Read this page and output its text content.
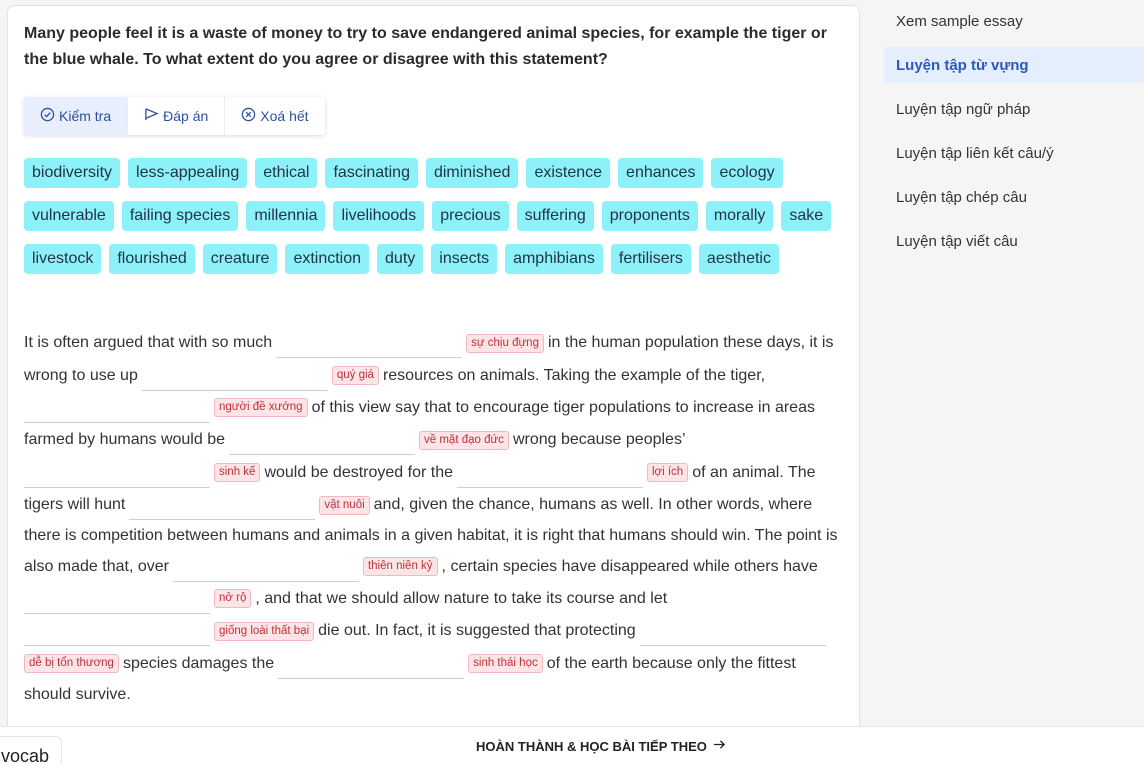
Many people feel it is a waste of money to try to save endangered animal species, for example the tiger or the blue whale. To what extent do you agree or disagree with this statement?
Kiểm tra	Đáp án	Xoá hết
biodiversity	less-appealing	ethical	fascinating	diminished	existence	enhances	ecology
vulnerable	failing species	millennia	livelihoods	precious	suffering	proponents	morally	sake
livestock	flourished	creature	extinction	duty	insects	amphibians	fertilisers	aesthetic
It is often argued that with so much	sự chịu đựng in the human population these days, it is
wrong to use up	quý giá resources on animals. Taking the example of the tiger,
người đề xướng of this view say that to encourage tiger populations to increase in areas
farmed by humans would be	về mặt đạo đức wrong because peoples’
sinh kế would be destroyed for the	lợi ích of an animal. The
tigers will hunt	vật nuôi and, given the chance, humans as well. In other words, where
there is competition between humans and animals in a given habitat, it is right that humans should win. The point is
also made that, over	thiên niên kỷ , certain species have disappeared while others have
nở rộ , and that we should allow nature to take its course and let
giống loài thất bại die out. In fact, it is suggested that protecting
dễ bị tổn thương species damages the	sinh thái học of the earth because only the fittest
should survive.
Xem sample essay
Luyện tập từ vựng
Luyện tập ngữ pháp
Luyện tập liên kết câu/ý
Luyện tập chép câu
Luyện tập viết câu
vocab	HOÀN THÀNH & HỌC BÀI TIẾP THEO
